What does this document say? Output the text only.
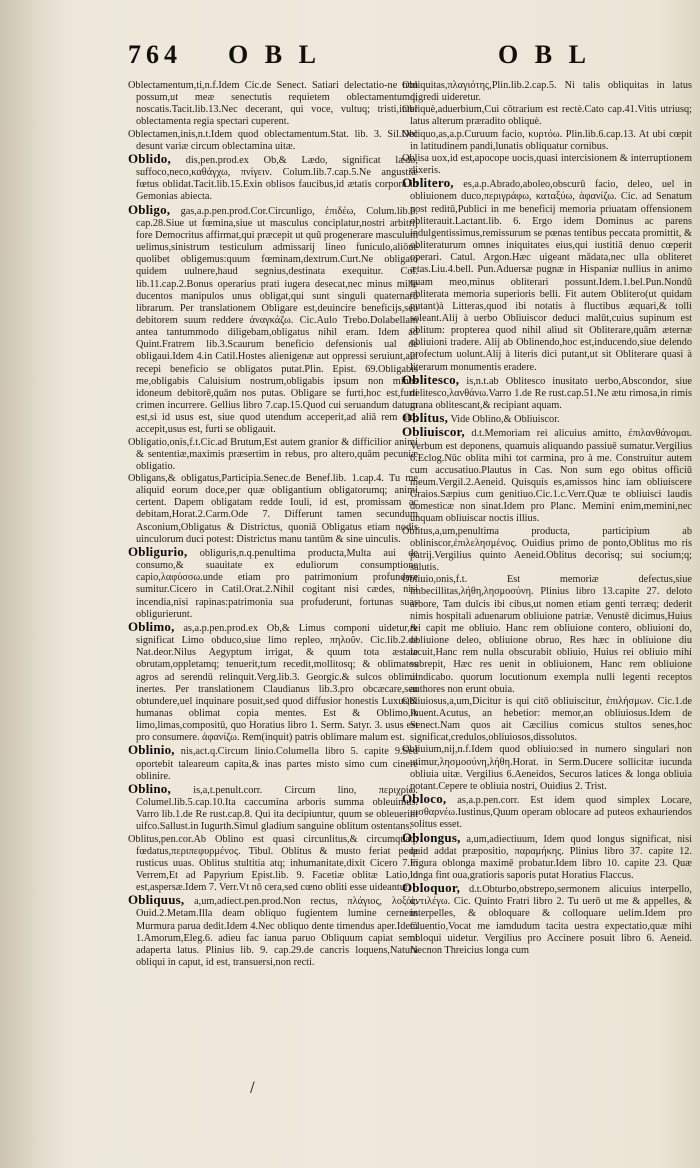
764 O B L	O B L

Oblectamentum,ti,n.f.Idem Cic.de Senect. Satiari delectatio-ne non possum,ut meæ senectutis requietem oblectamentumq; noscatis.Tacit.lib.13.Nec decerant, qui voce, vultuq; tristi,inter oblectamenta regia spectari cuperent.

Oblectamen,inis,n.t.Idem quod oblectamentum.Stat. lib. 3. Sil.Nec desunt variæ circum oblectamina uitæ.

Oblido, dis,pen.prod.ex Ob,& Lædo, significat lædo, suffoco,neco,καθάγχω, πνίγειν. Colum.lib.7.cap.5.Ne angustiæ fœtus oblidat.Tacit.lib.15.Exin oblisos faucibus,id ætatis corpora in Gemonias abiecta.

Obligo, gas,a.p.pen.prod.Cor.Circunligo, ἐπιδέω, Colum.lib.6. cap.28.Siue ut fœmina,siue ut masculus conciplatur,nostri arbitrij fore Democritus affirmat,qui præcepit ut quū progenerare masculum uelimus,sinistrum testiculum admissarij lineo funiculo,aliōue quolibet obligemus:quum fœminam,dextrum.Curt.Ne obligato quidem uulnere,haud segnius,destinata exequitur. Col. lib.11.cap.2.Bonus operarius prati iugera desecat,nec minus mille ducentos manipulos unus obligat,qui sunt singuli quaternarū librarum. Per translationem Obligare est,deuincire beneficijs,seu debitorem suum reddere ἀναγκάζω. Cic.Aulo Trebo.Dolabellam antea tantummodo diligebam,obligatus nihil eram. Idem ad Quint.Fratrem lib.3.Scaurum beneficio defensionis ual de obligaui.Idem 4.in Catil.Hostes alienigenæ aut oppressi seruiunt,aut recepi beneficio se obligatos putat.Plin. Epist. 69.Obligabis me,obligabis Caluisium nostrum,obligabis ipsum non minus idoneum debitorē,quām nos putas. Obligare se furti,hoc est,furti crimen incurrere. Gellius libro 7.cap.15.Quod cui seruandum datum est,si id usus est, siue quod utendum acceperit,ad aliā rem atq; accepit,usus est, furti se obligauit.

Obligatio,onis,f.t.Cic.ad Brutum,Est autem granior & difficilior animi & sententiæ,maximis præsertim in rebus, pro altero,quām pecuniæ obligatio.

Obligans,& obligatus,Participia.Senec.de Benef.lib. 1.cap.4. Tu me aliquid eorum doce,per quæ obligantium obligatorumq; animi certent. Dapem obligatam redde Iouli, id est, promissam ac debitam,Horat.2.Carm.Ode 7. Differunt tamen secundum Asconium,Obligatus & Districtus, quoniā Obligatus etiam nodis uinculorum duci potest: Districtus manu tantūm & sine uinculis.

Obligurio, obliguris,n.q.penultima producta,Multa aui de consumo,& suauitate ex eduliorum consumptione capio,λαφύσσω.unde etiam pro patrimonium profundere sumitur.Cicero in Catil.Orat.2.Nihil cogitant nisi cædes, nisi incendia,nisi rapinas:patrimonia sua profuderunt, fortunas suas obligurierunt.

Oblimo, as,a.p.pen.prod.ex Ob,& Limus componi uidetur,& significat Limo obduco,siue limo repleo, πηλοῦν. Cic.lib.2.de Nat.deor.Nilus Aegyptum irrigat, & quum tota æstate obrutam,oppletamq; tenuerit,tum recedit,mollitosq; & oblimatos agros ad serendū relinquit.Verg.lib.3. Georgic.& sulcos oblimit inertes. Per translationem Claudianus lib.3.pro obcæcare,seu obtundere,uel inquinare posuit,sed quod diffusior honestis Luxus,& humanas oblimat copia mentes. Est & Oblimo,A limo,limas,compositū, quo Horatius libro 1. Serm. Satyr. 3. usus est pro consumere. ἀφανίζω. Rem(inquit) patris oblimare malum est.

Oblinio, nis,act.q.Circum linio.Columella libro 5. capite 9.Sed oportebit taleareum capita,& inas partes misto simo cum cinere oblinire.

Oblino, is,a,t.penult.corr. Circum lino, περιχρίω. Columel.lib.5.cap.10.Ita caccumina arboris summa obleuimus. Varro lib.1.de Re rust.cap.8. Qui ita decipiuntur, quum se obleuerint uifco.Sallust.in Iugurth.Simul gladium sanguine oblitum ostentans.

Oblitus,pen.cor.Ab Oblino est quasi circunlitus,& circumquaq; fœdatus,περιπεφυρμένος. Tibul. Oblitus & musto feriat pede rusticus uuas. Oblitus stultitia atq; inhumanitate,dixit Cicero 7.in Verrem,Et ad Papyrium Epist.lib. 9. Facetiæ oblitæ Latio,id est,aspersæ.Idem 7. Verr.Vt nō cera,sed cœno obliti esse uideantur.

Obliquus, a,um,adiect.pen.prod.Non rectus, πλάγιος, λοξός. Ouid.2.Metam.Illa deam obliquo fugientem lumine cernens Murmura parua dedit.Idem 4.Nec obliquo dente timendus aper.Idem 1.Amorum,Eleg.6. adieu fac ianua paruo Obliquum capiat semi adaperta latus. Plinius lib. 9. cap.29.de cancris loquens,Natura obliqui in caput, id est, transuersi,non recti.

Obliquitas,πλαγιότης,Plin.lib.2.cap.5. Ni talis obliquitas in latus digredi uideretur.

Obliquè,aduerbium,Cui cōtrarium est rectè.Cato cap.41.Vitis utriusq; latus alterum præradito obliquè.

Obliquo,as,a.p.Curuum facio, κυρτόω. Plin.lib.6.cap.13. At ubi cœpit in latitudinem pandi,lunatis obliquatur cornibus.

Oblisa uox,id est,apocope uocis,quasi intercisionem & interruptionem dixeris.

Oblitero, es,a.p.Abrado,aboleo,obscurū facio, deleo, uel in obliuionem duco,περιγράφω, καταξύω, ἀφανίζω. Cic. ad Senatum post reditū,Publici in me beneficij memoria priuatam offensionem obliterauit.Lactant.lib. 6. Ergo idem Dominus ac parens indulgentissimus,remissurum se pœnas tentibus peccata promittit, & obliteraturum omnes iniquitates eius,qui iustitiā denuo cœperit operari. Catul. Argon.Hæc uigeant mādata,nec ulla obliteret ætas.Liu.4.bell. Pun.Aduersæ pugnæ in Hispaniæ nullius in animo quam meo,minus obliterari possunt.Idem.1.bel.Pun.Nondū obliterata memoria superioris belli. Fit autem Oblitero(ut quidam putant)à Litteras,quod ibi notatis à fluctibus æquari,& tolli soleant.Alij à uerbo Obliuiscor deduci malūt,cuius supinum est oblitum: propterea quod nihil aliud sit Obliterare,quām æternæ obliuioni tradere. Alij ab Oblinendo,hoc est,inducendo,siue delendo profectum uolunt.Alij à literis dici putant,ut sit Obliterare quasi à literarum monumentis eradere.

Oblitesco, is,n.t.ab Oblitesco inusitato uerbo,Abscondor, siue delitesco,λανθάνω.Varro 1.de Re rust.cap.51.Ne ætu rimosa,in rimis grana oblitescant,& recipiant aquam.

Oblitus, Vide Oblino,& Obliuiscor.

Obliuiscor, d.t.Memoriam rei alicuius amitto, ἐπιλανθάνομαι. Verbum est deponens, quamuis aliquando passiuē sumatur.Vergilius 6.Eclog.Nūc oblita mihi tot carmina, pro à me. Construitur autem cum accusatiuo.Plautus in Cas. Non sum ego obitus officiū meum.Vergil.2.Aeneid. Quisquis es,amissos hinc iam obliuiscere Graios.Sæpius cum genitiuo.Cic.1.c.Verr.Quæ te obliuisci laudis domesticæ non sinat.Idem pro Planc. Memini enim,memini,nec unquam obliuiscar noctis illius.

Oblitus,a,um,penultima producta, participium ab obliniscor,ἐπιλελησμένος. Ouidius primo de ponto,Oblitus mo ris patrij.Vergilius quinto Aeneid.Oblitus decorisq; sui socium;q; salutis.

Obliuio,onis,f.t. Est memoriæ defectus,siue imbecillitas,λήθη,λησμοσύνη. Plinius libro 13.capite 27. deloto arbore, Tam dulcis ibi cibus,ut nomen etiam genti terræq; dederit nimis hospitali aduenarum obliuione patriæ. Venustē dicimus,Huius rei capit me obliuio. Hanc rem obliuione contero, obliuioni do, obliuione deleo, obliuione obruo, Res hæc in obliuione diu iacuit,Hanc rem nulla obscurabit obliuio, Huius rei obliuio mihi subrepit, Hæc res uenit in obliuionem, Hanc rem obliuione uindicabo. quorum locutionum exempla nulli legenti receptos authores non erunt obuia.

Obliuiosus,a,um,Dicitur is qui citō obliuiscitur, ἐπιλήσμων. Cic.1.de Inuent.Acutus, an hebetior: memor,an obliuiosus.Idem de Senect.Nam quos ait Cæcilius comicus stultos senes,hoc significat,credulos,obliuiosos,dissolutos.

Obliuium,nij,n.f.Idem quod obliuio:sed in numero singulari non utimur,λησμοσύνη,λήθη.Horat. in Serm.Ducere sollicitæ iucunda obliuia uitæ. Vergilius 6.Aeneidos, Securos latices & longa obliuia potant.Cepere te obliuia nostri, Ouidius 2. Trist.

Obloco, as,a.p.pen.corr. Est idem quod simplex Locare, μισθαρνέω.Iustinus,Quum operam oblocare ad puteos exhauriendos solitus esset.

Oblongus, a,um,adiectiuum, Idem quod longus significat, nisi quid addat præpositio, παραμήκης. Plinius libro 37. capite 12. Figura oblonga maximē probatur.Idem libro 10. capite 23. Quæ longa fint oua,gratioris saporis putat Horatius Flaccus.

Obloquor, d.t.Obturbo,obstrepo,sermonem alicuius interpello, ἀντιλέγω. Cic. Quinto Fratri libro 2. Tu uerō ut me & appelles, & interpelles, & obloquare & colloquare uelim.Idem pro Cluentio,Vocat me iamdudum tacita uestra expectatio,quæ mihi obloqui uidetur. Vergilius pro Accinere posuit libro 6. Aeneid. Necnon Threicius longa cum

/
